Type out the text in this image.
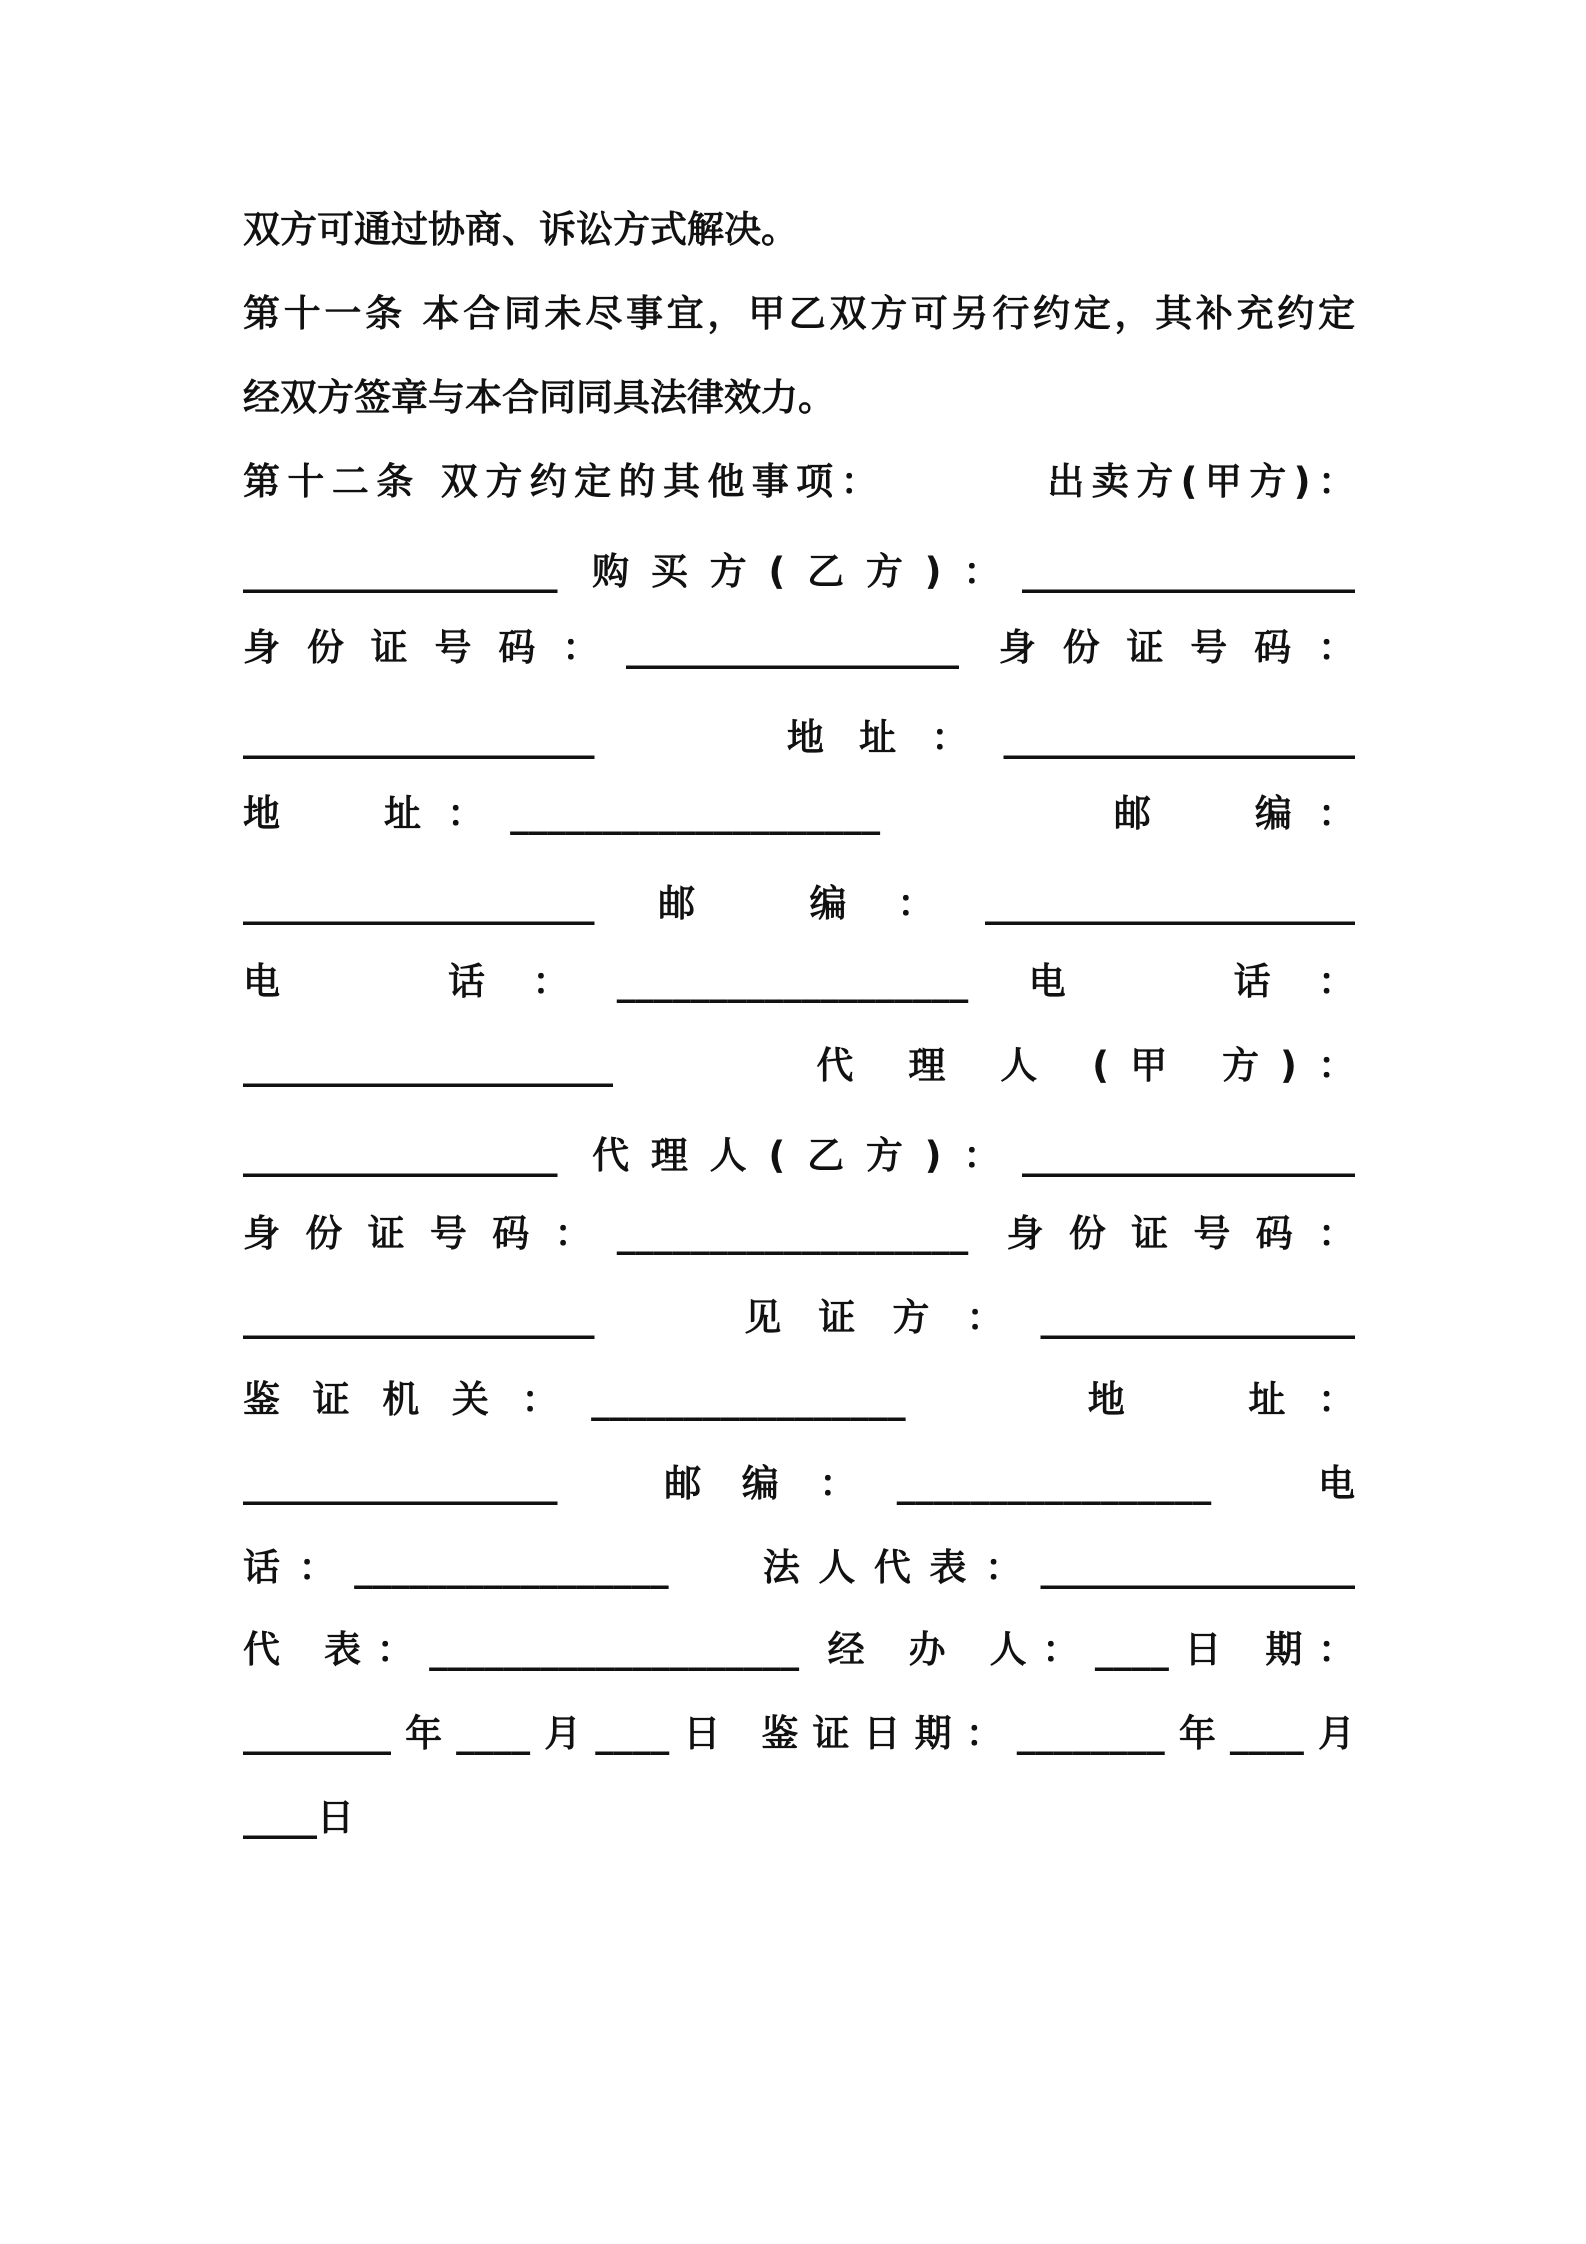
双方可通过协商、诉讼方式解决。
第十一条 本合同未尽事宜，甲乙双方可另行约定，其补充约定
经双方签章与本合同同具法律效力。
第十二条 双方约定的其他事项：        出卖方(甲方)：
_________________ 购买方(乙方)：__________________
身份证号码：__________________ 身份证号码：
___________________    地址：___________________
地  址：____________________      邮  编：
___________________ 邮 编：____________________
电  话：___________________ 电  话：
____________________      代 理 人 (甲 方)：
_________________ 代理人(乙方)：__________________
身份证号码：___________________ 身份证号码：
___________________   见证方：_________________
鉴证机关：_________________    地  址：
_________________  邮编：_________________  电
话：_________________   法人代表：_________________
代 表：____________________ 经 办 人：____日 期：
________年____月____日 鉴证日期：________年____月
____日
